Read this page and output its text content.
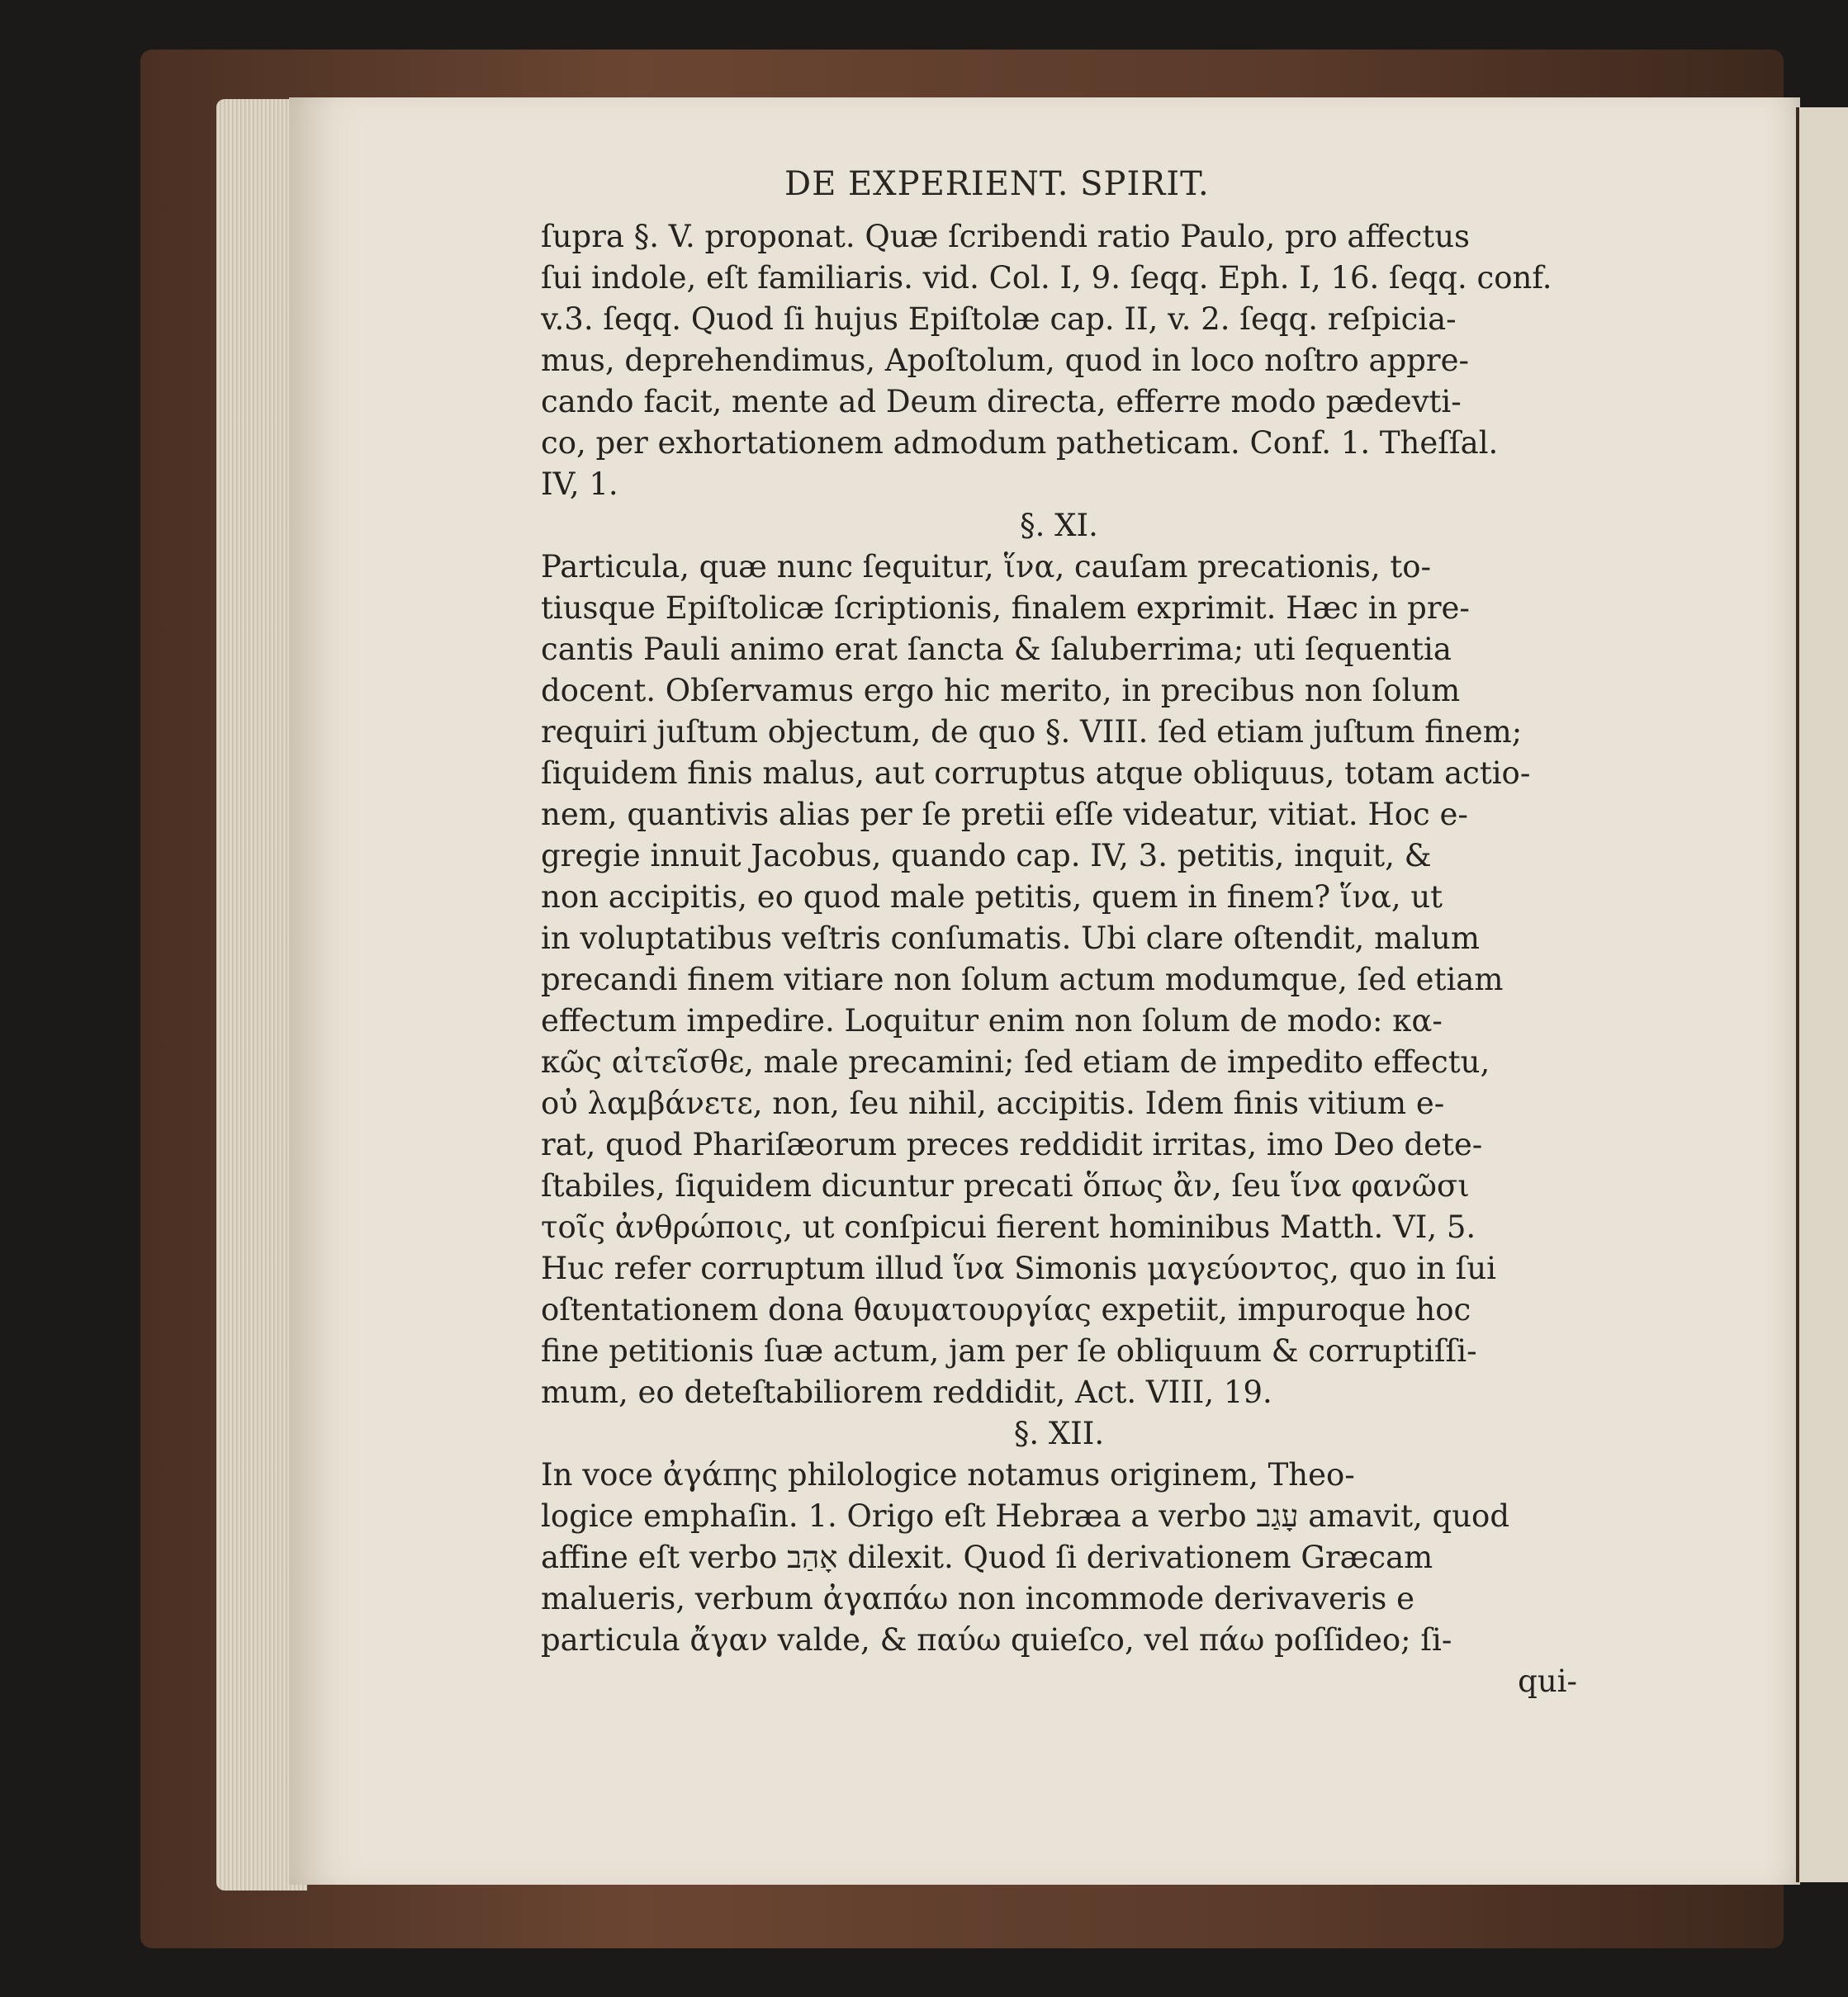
DE EXPERIENT. SPIRIT.
ſupra §. V. proponat. Quæ ſcribendi ratio Paulo, pro affectus
ſui indole, eſt familiaris. vid. Col. I, 9. ſeqq. Eph. I, 16. ſeqq. conf.
v.3. ſeqq. Quod ſi hujus Epiſtolæ cap. II, v. 2. ſeqq. reſpicia-
mus, deprehendimus, Apoſtolum, quod in loco noſtro appre-
cando facit, mente ad Deum directa, efferre modo pædevti-
co, per exhortationem admodum patheticam. Conf. 1. Theſſal.
IV, 1.
§. XI.
Particula, quæ nunc ſequitur, ἵνα, cauſam precationis, to-
tiusque Epiſtolicæ ſcriptionis, finalem exprimit. Hæc in pre-
cantis Pauli animo erat ſancta & ſaluberrima; uti ſequentia
docent. Obſervamus ergo hic merito, in precibus non ſolum
requiri juſtum objectum, de quo §. VIII. ſed etiam juſtum finem;
ſiquidem finis malus, aut corruptus atque obliquus, totam actio-
nem, quantivis alias per ſe pretii eſſe videatur, vitiat. Hoc e-
gregie innuit Jacobus, quando cap. IV, 3. petitis, inquit, &
non accipitis, eo quod male petitis, quem in finem? ἵνα, ut
in voluptatibus veſtris conſumatis. Ubi clare oſtendit, malum
precandi finem vitiare non ſolum actum modumque, ſed etiam
effectum impedire. Loquitur enim non ſolum de modo: κα-
κῶς αἰτεῖσθε, male precamini; ſed etiam de impedito effectu,
οὐ λαμβάνετε, non, ſeu nihil, accipitis. Idem finis vitium e-
rat, quod Phariſæorum preces reddidit irritas, imo Deo dete-
ſtabiles, ſiquidem dicuntur precati ὅπως ἂν, ſeu ἵνα φανῶσι
τοῖς ἀνθρώποις, ut conſpicui fierent hominibus Matth. VI, 5.
Huc refer corruptum illud ἵνα Simonis μαγεύοντος, quo in ſui
oſtentationem dona θαυματουργίας expetiit, impuroque hoc
fine petitionis ſuæ actum, jam per ſe obliquum & corruptiſſi-
mum, eo deteſtabiliorem reddidit, Act. VIII, 19.
§. XII.
In voce ἀγάπης philologice notamus originem, Theo-
logice emphaſin. 1. Origo eſt Hebræa a verbo עָגַב amavit, quod
affine eſt verbo אָהַב dilexit. Quod ſi derivationem Græcam
malueris, verbum ἀγαπάω non incommode derivaveris e
particula ἄγαν valde, & παύω quieſco, vel πάω poſſideo; ſi-
qui-
